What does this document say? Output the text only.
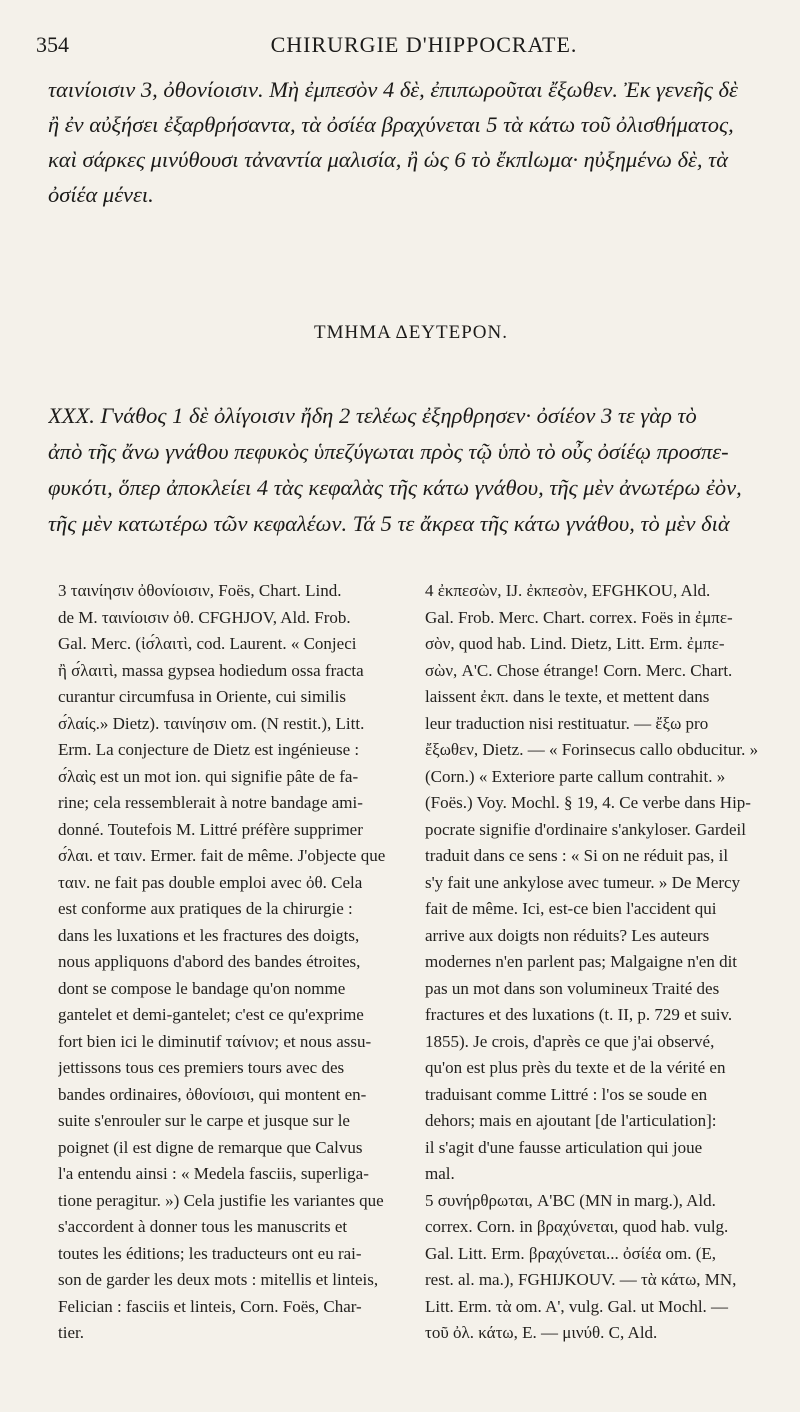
354	CHIRURGIE D'HIPPOCRATE.
ταινίοισιν 3, ὀθονίοισιν. Μὴ ἐμπεσὸν 4 δὲ, ἐπιπωροῦται ἔξωθεν. Ἐκ γενεῆς δὲ
ἢ ἐν αὐξήσει ἐξαρθρήσαντα, τὰ ὀσίέα βραχύνεται 5 τὰ κάτω τοῦ ὀλισθήματος,
καὶ σάρκες μινύθουσι τἀναντία μαλισία, ἢ ὡς 6 τὸ ἔκπlωμα· ηὐξημένω δὲ, τὰ
ὀσίέα μένει.
ΤΜΗΜΑ ΔΕΥΤΕΡΟΝ.
XXX. Γνάθος 1 δὲ ὀλίγοισιν ἤδη 2 τελέως ἐξηρθρησεν· ὀσίέον 3 τε γὰρ τὸ
ἀπὸ τῆς ἄνω γνάθου πεφυκὸς ὑπεζύγωται πρὸς τῷ ὑπὸ τὸ οὖς ὀσίέῳ προσπε-
φυκότι, ὅπερ ἀποκλείει 4 τὰς κεφαλὰς τῆς κάτω γνάθου, τῆς μὲν ἀνωτέρω ἐὸν,
τῆς μὲν κατωτέρω τῶν κεφαλέων. Τά 5 τε ἄκρεα τῆς κάτω γνάθου, τὸ μὲν διὰ
3 ταινίησιν ὀθονίοισιν, Foës, Chart. Lind.
de M. ταινίοισιν ὀθ. CFGHJOV, Ald. Frob.
Gal. Merc. (ἰσ́λαιτὶ, cod. Laurent. « Conjeci
ἢ σ́λαιτὶ, massa gypsea hodiedum ossa fracta
curantur circumfusa in Oriente, cui similis
σ́λαίς.» Dietz). ταινίησιν om. (N restit.), Litt.
Erm. La conjecture de Dietz est ingénieuse :
σ́λαὶς est un mot ion. qui signifie pâte de fa-
rine; cela ressemblerait à notre bandage ami-
donné. Toutefois M. Littré préfère supprimer
σ́λαι. et ταιν. Ermer. fait de même. J'objecte que
ταιν. ne fait pas double emploi avec ὀθ. Cela
est conforme aux pratiques de la chirurgie :
dans les luxations et les fractures des doigts,
nous appliquons d'abord des bandes étroites,
dont se compose le bandage qu'on nomme
gantelet et demi-gantelet; c'est ce qu'exprime
fort bien ici le diminutif ταίνιον; et nous assu-
jettissons tous ces premiers tours avec des
bandes ordinaires, ὀθονίοισι, qui montent en-
suite s'enrouler sur le carpe et jusque sur le
poignet (il est digne de remarque que Calvus
l'a entendu ainsi : « Medela fasciis, superliga-
tione peragitur. ») Cela justifie les variantes que
s'accordent à donner tous les manuscrits et
toutes les éditions; les traducteurs ont eu rai-
son de garder les deux mots : mitellis et linteis,
Felician : fasciis et linteis, Corn. Foës, Char-
tier.
4 ἐκπεσὼν, IJ. ἐκπεσὸν, EFGHKOU, Ald.
Gal. Frob. Merc. Chart. correx. Foës in ἐμπε-
σὸν, quod hab. Lind. Dietz, Litt. Erm. ἐμπε-
σὼν, A'C. Chose étrange! Corn. Merc. Chart.
laissent ἐκπ. dans le texte, et mettent dans
leur traduction nisi restituatur. — ἔξω pro
ἔξωθεν, Dietz. — « Forinsecus callo obducitur. »
(Corn.) « Exteriore parte callum contrahit. »
(Foës.) Voy. Mochl. § 19, 4. Ce verbe dans Hip-
pocrate signifie d'ordinaire s'ankyloser. Gardeil
traduit dans ce sens : « Si on ne réduit pas, il
s'y fait une ankylose avec tumeur. » De Mercy
fait de même. Ici, est-ce bien l'accident qui
arrive aux doigts non réduits? Les auteurs
modernes n'en parlent pas; Malgaigne n'en dit
pas un mot dans son volumineux Traité des
fractures et des luxations (t. II, p. 729 et suiv.
1855). Je crois, d'après ce que j'ai observé,
qu'on est plus près du texte et de la vérité en
traduisant comme Littré : l'os se soude en
dehors; mais en ajoutant [de l'articulation]:
il s'agit d'une fausse articulation qui joue
mal.
5 συνήρθρωται, A'BC (MN in marg.), Ald.
correx. Corn. in βραχύνεται, quod hab. vulg.
Gal. Litt. Erm. βραχύνεται... ὀσίέα om. (E,
rest. al. ma.), FGHIJKOUV. — τὰ κάτω, MN,
Litt. Erm. τὰ om. A', vulg. Gal. ut Mochl. —
τοῦ ὀλ. κάτω, E. — μινύθ. C, Ald.
